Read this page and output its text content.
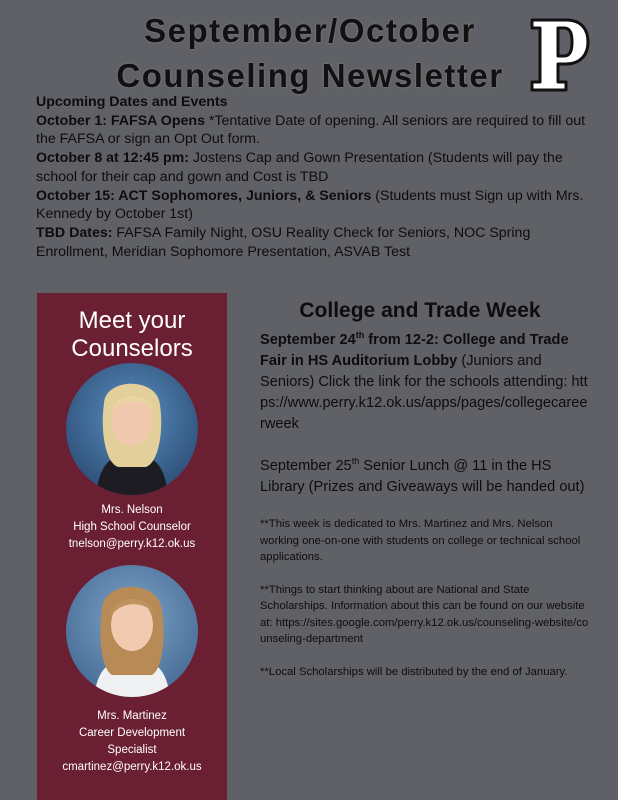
September/October
Counseling Newsletter

Upcoming Dates and Events

October 1: FAFSA Opens *Tentative Date of opening. All seniors are required to fill out the FAFSA or sign an Opt Out form.

October 8 at 12:45 pm: Jostens Cap and Gown Presentation (Students will pay the school for their cap and gown and Cost is TBD

October 15: ACT Sophomores, Juniors, & Seniors (Students must Sign up with Mrs. Kennedy by October 1st)

TBD Dates: FAFSA Family Night, OSU Reality Check for Seniors, NOC Spring Enrollment, Meridian Sophomore Presentation, ASVAB Test

Meet your
Counselors
Mrs. Nelson
High School Counselor
tnelson@perry.k12.ok.us
Mrs. Martinez
Career Development
Specialist
cmartinez@perry.k12.ok.us
College and Trade Week

September 24th from 12-2: College and Trade Fair in HS Auditorium Lobby (Juniors and Seniors) Click the link for the schools attending: https://www.perry.k12.ok.us/apps/pages/collegecareerweek

September 25th Senior Lunch @ 11 in the HS Library (Prizes and Giveaways will be handed out)

**This week is dedicated to Mrs. Martinez and Mrs. Nelson working one-on-one with students on college or technical school applications.

**Things to start thinking about are National and State Scholarships. Information about this can be found on our website at: https://sites.google.com/perry.k12.ok.us/counseling-website/counseling-department

**Local Scholarships will be distributed by the end of January.
